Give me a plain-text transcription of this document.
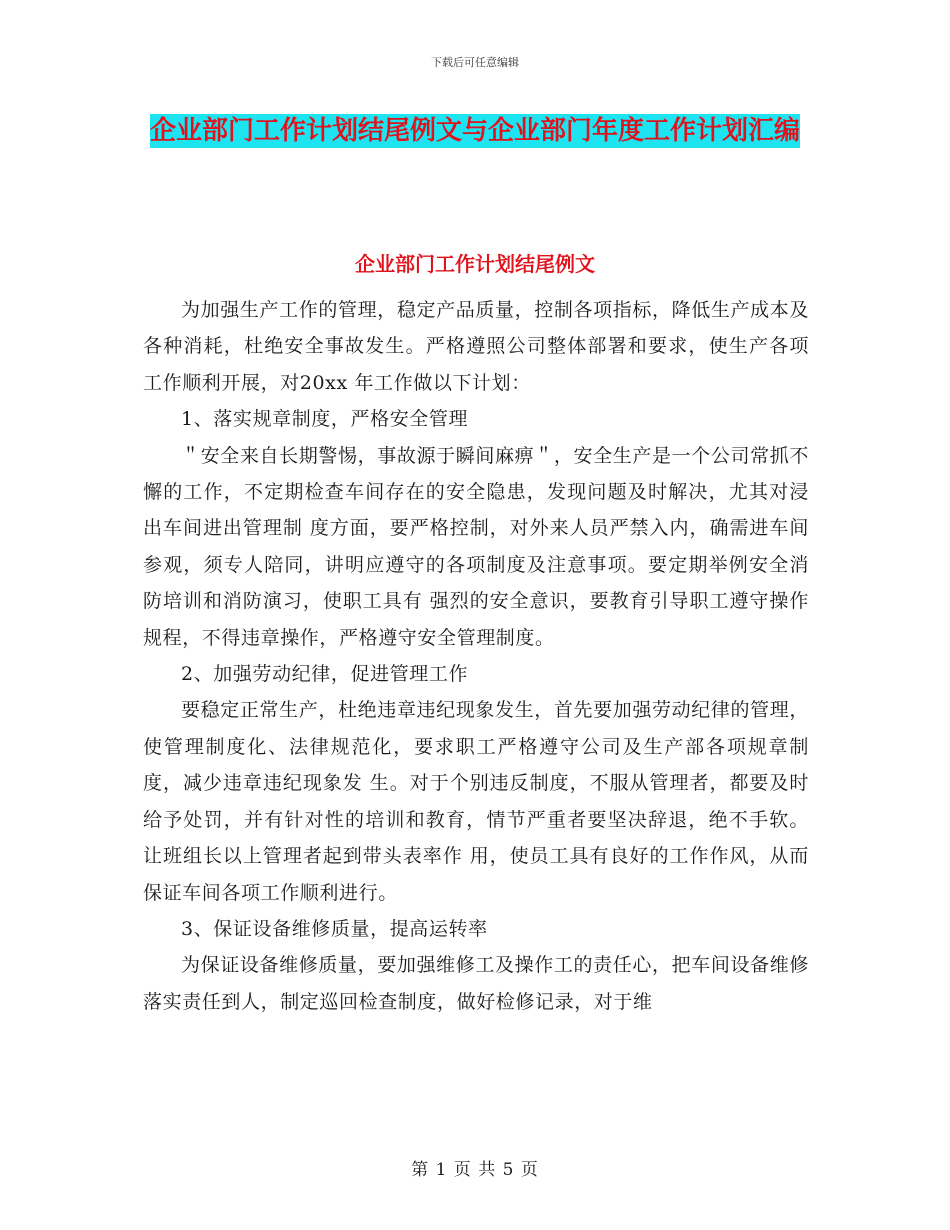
下载后可任意编辑
企业部门工作计划结尾例文与企业部门年度工作计划汇编
企业部门工作计划结尾例文

为加强生产工作的管理，稳定产品质量，控制各项指标，降低生产成本及各种消耗，杜绝安全事故发生。严格遵照公司整体部署和要求，使生产各项工作顺利开展，对20xx 年工作做以下计划：

1、落实规章制度，严格安全管理

＂安全来自长期警惕，事故源于瞬间麻痹＂，安全生产是一个公司常抓不懈的工作，不定期检查车间存在的安全隐患，发现问题及时解决，尤其对浸出车间进出管理制 度方面，要严格控制，对外来人员严禁入内，确需进车间参观，须专人陪同，讲明应遵守的各项制度及注意事项。要定期举例安全消防培训和消防演习，使职工具有 强烈的安全意识，要教育引导职工遵守操作规程，不得违章操作，严格遵守安全管理制度。

2、加强劳动纪律，促进管理工作

要稳定正常生产，杜绝违章违纪现象发生，首先要加强劳动纪律的管理，使管理制度化、法律规范化，要求职工严格遵守公司及生产部各项规章制度，减少违章违纪现象发 生。对于个别违反制度，不服从管理者，都要及时给予处罚，并有针对性的培训和教育，情节严重者要坚决辞退，绝不手软。让班组长以上管理者起到带头表率作 用，使员工具有良好的工作作风，从而保证车间各项工作顺利进行。

3、保证设备维修质量，提高运转率

为保证设备维修质量，要加强维修工及操作工的责任心，把车间设备维修落实责任到人，制定巡回检查制度，做好检修记录，对于维

第 1 页 共 5 页
